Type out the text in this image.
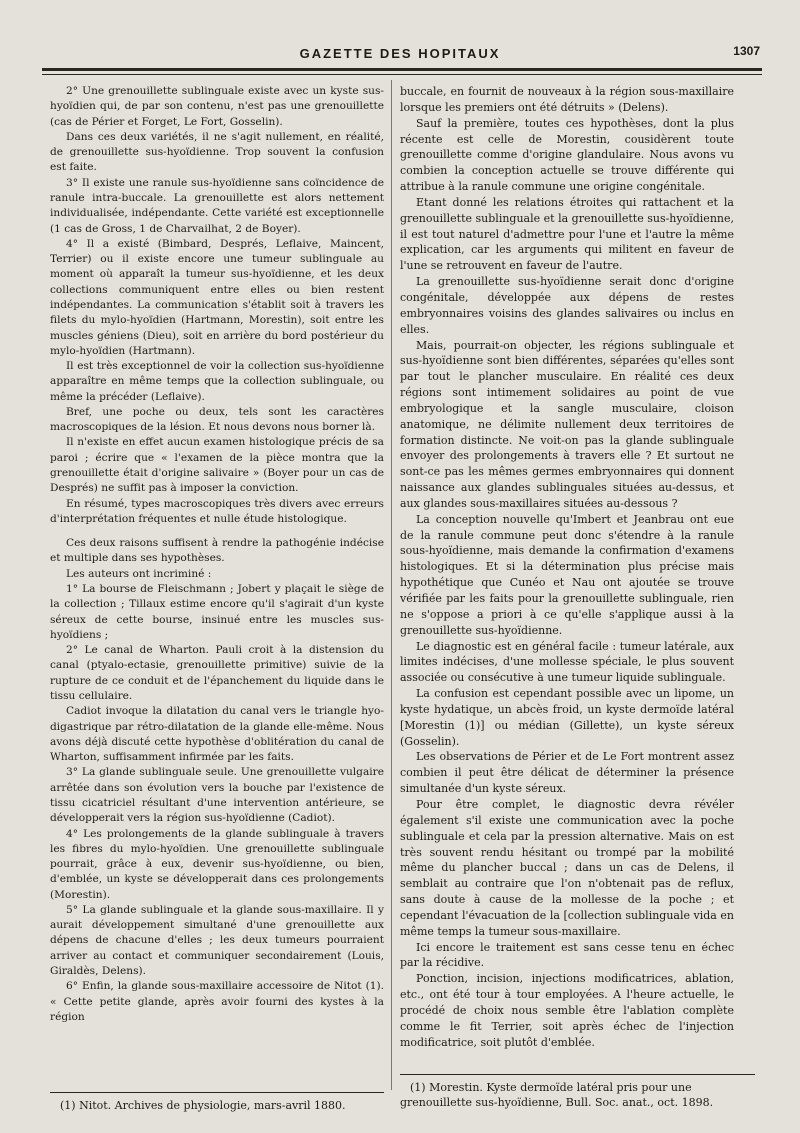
GAZETTE DES HOPITAUX	1307

2° Une grenouillette sublinguale existe avec un kyste sus-hyoïdien qui, de par son contenu, n'est pas une grenouillette (cas de Périer et Forget, Le Fort, Gosselin).

Dans ces deux variétés, il ne s'agit nullement, en réalité, de grenouillette sus-hyoïdienne. Trop souvent la confusion est faite.

3° Il existe une ranule sus-hyoïdienne sans coïncidence de ranule intra-buccale. La grenouillette est alors nettement individualisée, indépendante. Cette variété est exceptionnelle (1 cas de Gross, 1 de Charvailhat, 2 de Boyer).

4° Il a existé (Bimbard, Després, Leflaive, Maincent, Terrier) ou il existe encore une tumeur sublinguale au moment où apparaît la tumeur sus-hyoïdienne, et les deux collections communiquent entre elles ou bien restent indépendantes. La communication s'établit soit à travers les filets du mylo-hyoïdien (Hartmann, Morestin), soit entre les muscles géniens (Dieu), soit en arrière du bord postérieur du mylo-hyoïdien (Hartmann).

Il est très exceptionnel de voir la collection sus-hyoïdienne apparaître en même temps que la collection sublinguale, ou même la précéder (Leflaive).

Bref, une poche ou deux, tels sont les caractères macroscopiques de la lésion. Et nous devons nous borner là.

Il n'existe en effet aucun examen histologique précis de sa paroi ; écrire que « l'examen de la pièce montra que la grenouillette était d'origine salivaire » (Boyer pour un cas de Després) ne suffit pas à imposer la conviction.

En résumé, types macroscopiques très divers avec erreurs d'interprétation fréquentes et nulle étude histologique.

Ces deux raisons suffisent à rendre la pathogénie indécise et multiple dans ses hypothèses.

Les auteurs ont incriminé :

1° La bourse de Fleischmann ; Jobert y plaçait le siège de la collection ; Tillaux estime encore qu'il s'agirait d'un kyste séreux de cette bourse, insinué entre les muscles sus-hyoïdiens ;

2° Le canal de Wharton. Pauli croit à la distension du canal (ptyalo-ectasie, grenouillette primitive) suivie de la rupture de ce conduit et de l'épanchement du liquide dans le tissu cellulaire.

Cadiot invoque la dilatation du canal vers le triangle hyo-digastrique par rétro-dilatation de la glande elle-même. Nous avons déjà discuté cette hypothèse d'oblitération du canal de Wharton, suffisamment infirmée par les faits.

3° La glande sublinguale seule. Une grenouillette vulgaire arrêtée dans son évolution vers la bouche par l'existence de tissu cicatriciel résultant d'une intervention antérieure, se développerait vers la région sus-hyoïdienne (Cadiot).

4° Les prolongements de la glande sublinguale à travers les fibres du mylo-hyoïdien. Une grenouillette sublinguale pourrait, grâce à eux, devenir sus-hyoïdienne, ou bien, d'emblée, un kyste se développerait dans ces prolongements (Morestin).

5° La glande sublinguale et la glande sous-maxillaire. Il y aurait développement simultané d'une grenouillette aux dépens de chacune d'elles ; les deux tumeurs pourraient arriver au contact et communiquer secondairement (Louis, Giraldès, Delens).

6° Enfin, la glande sous-maxillaire accessoire de Nitot (1). « Cette petite glande, après avoir fourni des kystes à la région

buccale, en fournit de nouveaux à la région sous-maxillaire lorsque les premiers ont été détruits » (Delens).

Sauf la première, toutes ces hypothèses, dont la plus récente est celle de Morestin, cousidèrent toute grenouillette comme d'origine glandulaire. Nous avons vu combien la conception actuelle se trouve différente qui attribue à la ranule commune une origine congénitale.

Etant donné les relations étroites qui rattachent et la grenouillette sublinguale et la grenouillette sus-hyoïdienne, il est tout naturel d'admettre pour l'une et l'autre la même explication, car les arguments qui militent en faveur de l'une se retrouvent en faveur de l'autre.

La grenouillette sus-hyoïdienne serait donc d'origine congénitale, développée aux dépens de restes embryonnaires voisins des glandes salivaires ou inclus en elles.

Mais, pourrait-on objecter, les régions sublinguale et sus-hyoïdienne sont bien différentes, séparées qu'elles sont par tout le plancher musculaire. En réalité ces deux régions sont intimement solidaires au point de vue embryologique et la sangle musculaire, cloison anatomique, ne délimite nullement deux territoires de formation distincte. Ne voit-on pas la glande sublinguale envoyer des prolongements à travers elle ? Et surtout ne sont-ce pas les mêmes germes embryonnaires qui donnent naissance aux glandes sublinguales situées au-dessus, et aux glandes sous-maxillaires situées au-dessous ?

La conception nouvelle qu'Imbert et Jeanbrau ont eue de la ranule commune peut donc s'étendre à la ranule sous-hyoïdienne, mais demande la confirmation d'examens histologiques. Et si la détermination plus précise mais hypothétique que Cunéo et Nau ont ajoutée se trouve vérifiée par les faits pour la grenouillette sublinguale, rien ne s'oppose a priori à ce qu'elle s'applique aussi à la grenouillette sus-hyoïdienne.

Le diagnostic est en général facile : tumeur latérale, aux limites indécises, d'une mollesse spéciale, le plus souvent associée ou consécutive à une tumeur liquide sublinguale.

La confusion est cependant possible avec un lipome, un kyste hydatique, un abcès froid, un kyste dermoïde latéral [Morestin (1)] ou médian (Gillette), un kyste séreux (Gosselin).

Les observations de Périer et de Le Fort montrent assez combien il peut être délicat de déterminer la présence simultanée d'un kyste séreux.

Pour être complet, le diagnostic devra révéler également s'il existe une communication avec la poche sublinguale et cela par la pression alternative. Mais on est très souvent rendu hésitant ou trompé par la mobilité même du plancher buccal ; dans un cas de Delens, il semblait au contraire que l'on n'obtenait pas de reflux, sans doute à cause de la mollesse de la poche ; et cependant l'évacuation de la [collection sublinguale vida en même temps la tumeur sous-maxillaire.

Ici encore le traitement est sans cesse tenu en échec par la récidive.

Ponction, incision, injections modificatrices, ablation, etc., ont été tour à tour employées. A l'heure actuelle, le procédé de choix nous semble être l'ablation complète comme le fit Terrier, soit après échec de l'injection modificatrice, soit plutôt d'emblée.

(1) Nitot. Archives de physiologie, mars-avril 1880.
(1) Morestin. Kyste dermoïde latéral pris pour une grenouillette sus-hyoïdienne, Bull. Soc. anat., oct. 1898.
